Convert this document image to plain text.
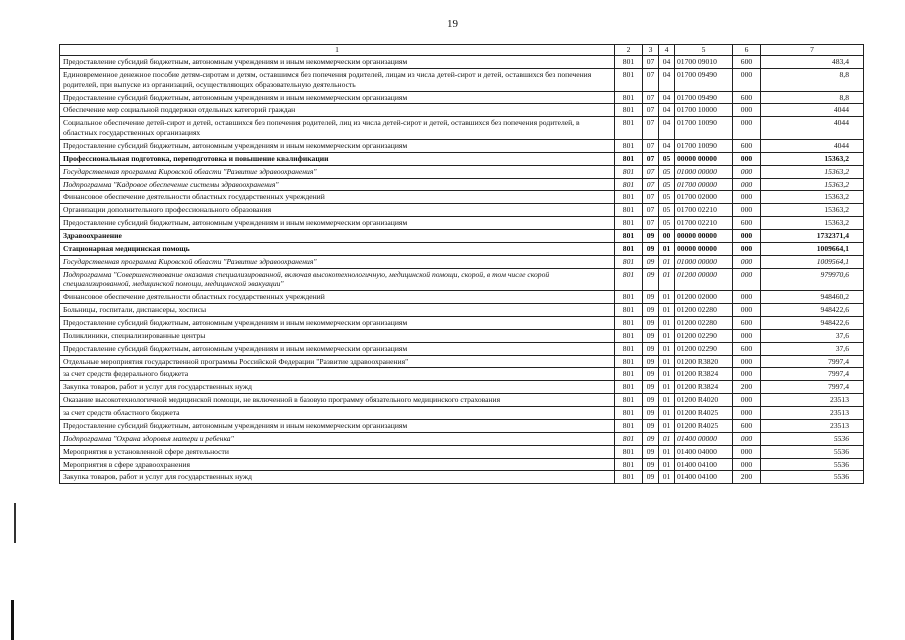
19
1	2	3	4	5	6	7
Предоставление субсидий бюджетным, автономным учреждениям и иным некоммерческим организациям	801	07	04	01700 09010	600	483,4
Единовременное денежное пособие детям-сиротам и детям, оставшимся без попечения родителей, лицам из числа детей-сирот и детей, оставшихся без попечения родителей, при выпуске из организаций, осуществляющих образовательную деятельность	801	07	04	01700 09490	000	8,8
Предоставление субсидий бюджетным, автономным учреждениям и иным некоммерческим организациям	801	07	04	01700 09490	600	8,8
Обеспечение мер социальной поддержки отдельных категорий граждан	801	07	04	01700 10000	000	4044
Социальное обеспечение детей-сирот и детей, оставшихся без попечения родителей, лиц из числа детей-сирот и детей, оставшихся без попечения родителей, в областных государственных организациях	801	07	04	01700 10090	000	4044
Предоставление субсидий бюджетным, автономным учреждениям и иным некоммерческим организациям	801	07	04	01700 10090	600	4044
Профессиональная подготовка, переподготовка и повышение квалификации	801	07	05	00000 00000	000	15363,2
Государственная программа Кировской области "Развитие здравоохранения"	801	07	05	01000 00000	000	15363,2
Подпрограмма "Кадровое обеспечение системы здравоохранения"	801	07	05	01700 00000	000	15363,2
Финансовое обеспечение деятельности областных государственных учреждений	801	07	05	01700 02000	000	15363,2
Организации дополнительного профессионального образования	801	07	05	01700 02210	000	15363,2
Предоставление субсидий бюджетным, автономным учреждениям и иным некоммерческим организациям	801	07	05	01700 02210	600	15363,2
Здравоохранение	801	09	00	00000 00000	000	1732371,4
Стационарная медицинская помощь	801	09	01	00000 00000	000	1009664,1
Государственная программа Кировской области "Развитие здравоохранения"	801	09	01	01000 00000	000	1009564,1
Подпрограмма "Совершенствование оказания специализированной, включая высокотехнологичную, медицинской помощи, скорой, в том числе скорой специализированной, медицинской помощи, медицинской эвакуации"	801	09	01	01200 00000	000	979970,6
Финансовое обеспечение деятельности областных государственных учреждений	801	09	01	01200 02000	000	948460,2
Больницы, госпитали, диспансеры, хосписы	801	09	01	01200 02280	000	948422,6
Предоставление субсидий бюджетным, автономным учреждениям и иным некоммерческим организациям	801	09	01	01200 02280	600	948422,6
Поликлиники, специализированные центры	801	09	01	01200 02290	000	37,6
Предоставление субсидий бюджетным, автономным учреждениям и иным некоммерческим организациям	801	09	01	01200 02290	600	37,6
Отдельные мероприятия государственной программы Российской Федерации "Развитие здравоохранения"	801	09	01	01200 R3820	000	7997,4
за счет средств федерального бюджета	801	09	01	01200 R3824	000	7997,4
Закупка товаров, работ и услуг для государственных нужд	801	09	01	01200 R3824	200	7997,4
Оказание высокотехнологичной медицинской помощи, не включенной в базовую программу обязательного медицинского страхования	801	09	01	01200 R4020	000	23513
за счет средств областного бюджета	801	09	01	01200 R4025	000	23513
Предоставление субсидий бюджетным, автономным учреждениям и иным некоммерческим организациям	801	09	01	01200 R4025	600	23513
Подпрограмма "Охрана здоровья матери и ребенка"	801	09	01	01400 00000	000	5536
Мероприятия в установленной сфере деятельности	801	09	01	01400 04000	000	5536
Мероприятия в сфере здравоохранения	801	09	01	01400 04100	000	5536
Закупка товаров, работ и услуг для государственных нужд	801	09	01	01400 04100	200	5536
